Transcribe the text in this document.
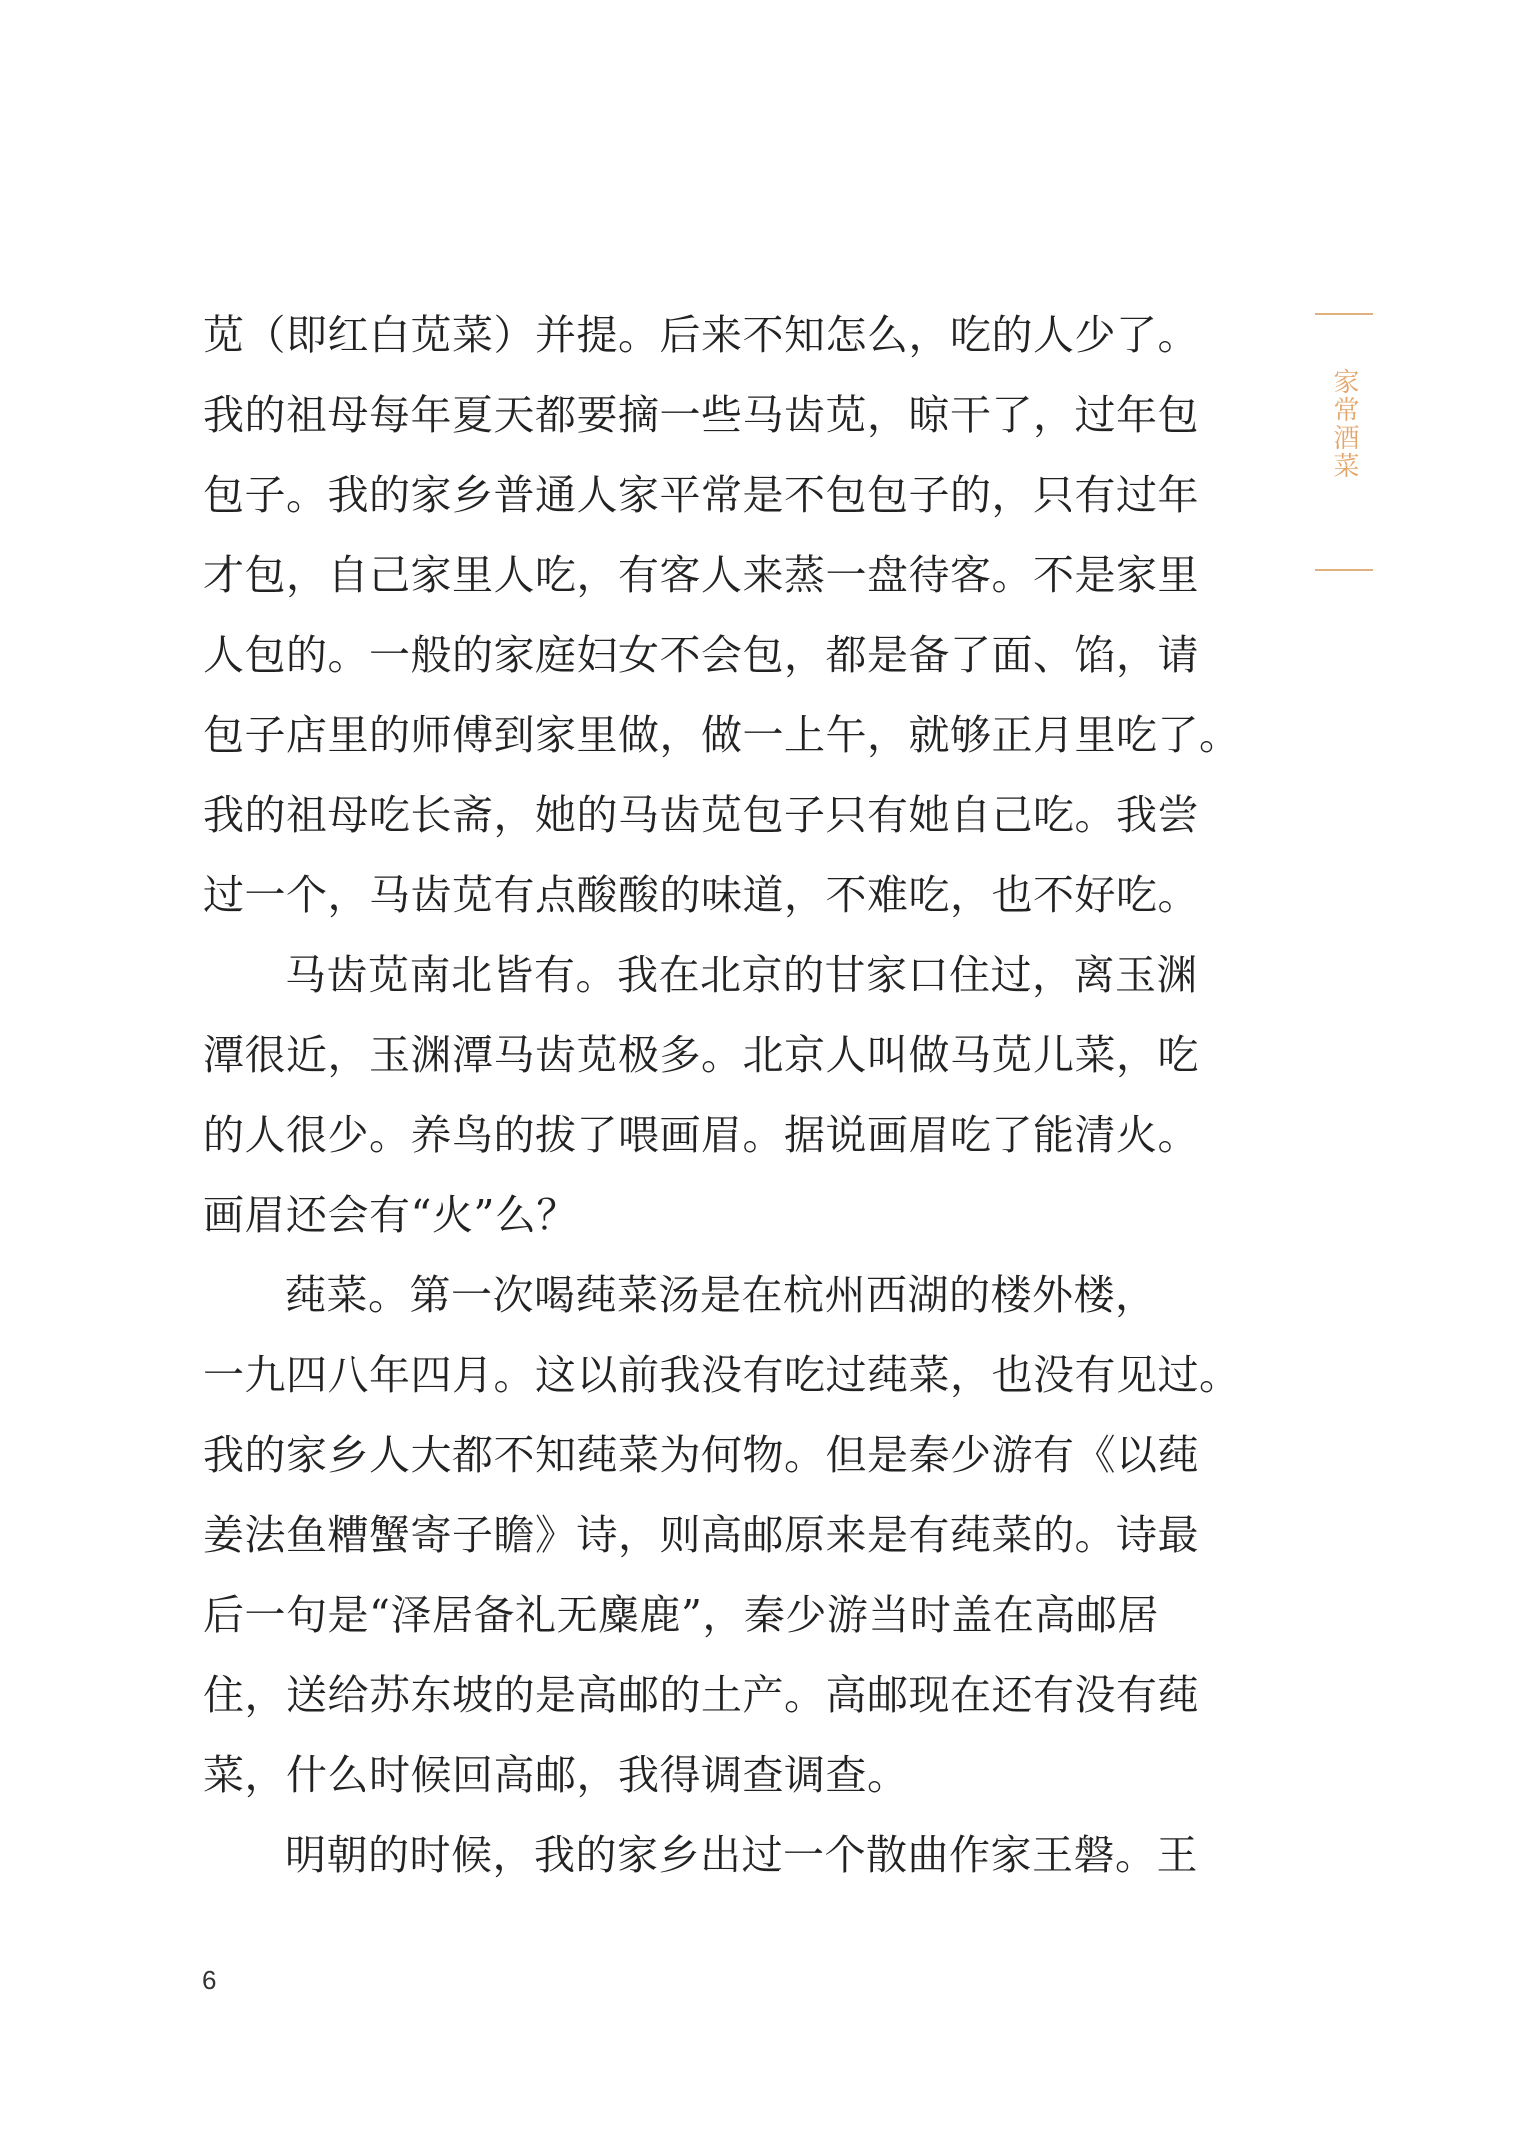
家常酒菜
苋（即红白苋菜）并提。后来不知怎么，吃的人少了。
我的祖母每年夏天都要摘一些马齿苋，晾干了，过年包
包子。我的家乡普通人家平常是不包包子的，只有过年
才包，自己家里人吃，有客人来蒸一盘待客。不是家里
人包的。一般的家庭妇女不会包，都是备了面、馅，请
包子店里的师傅到家里做，做一上午，就够正月里吃了。
我的祖母吃长斋，她的马齿苋包子只有她自己吃。我尝
过一个，马齿苋有点酸酸的味道，不难吃，也不好吃。
马齿苋南北皆有。我在北京的甘家口住过，离玉渊
潭很近，玉渊潭马齿苋极多。北京人叫做马苋儿菜，吃
的人很少。养鸟的拔了喂画眉。据说画眉吃了能清火。
画眉还会有“火”么？
莼菜。第一次喝莼菜汤是在杭州西湖的楼外楼，
一九四八年四月。这以前我没有吃过莼菜，也没有见过。
我的家乡人大都不知莼菜为何物。但是秦少游有《以莼
姜法鱼糟蟹寄子瞻》诗，则高邮原来是有莼菜的。诗最
后一句是“泽居备礼无麋鹿”，秦少游当时盖在高邮居
住，送给苏东坡的是高邮的土产。高邮现在还有没有莼
菜，什么时候回高邮，我得调查调查。
明朝的时候，我的家乡出过一个散曲作家王磐。王
6
